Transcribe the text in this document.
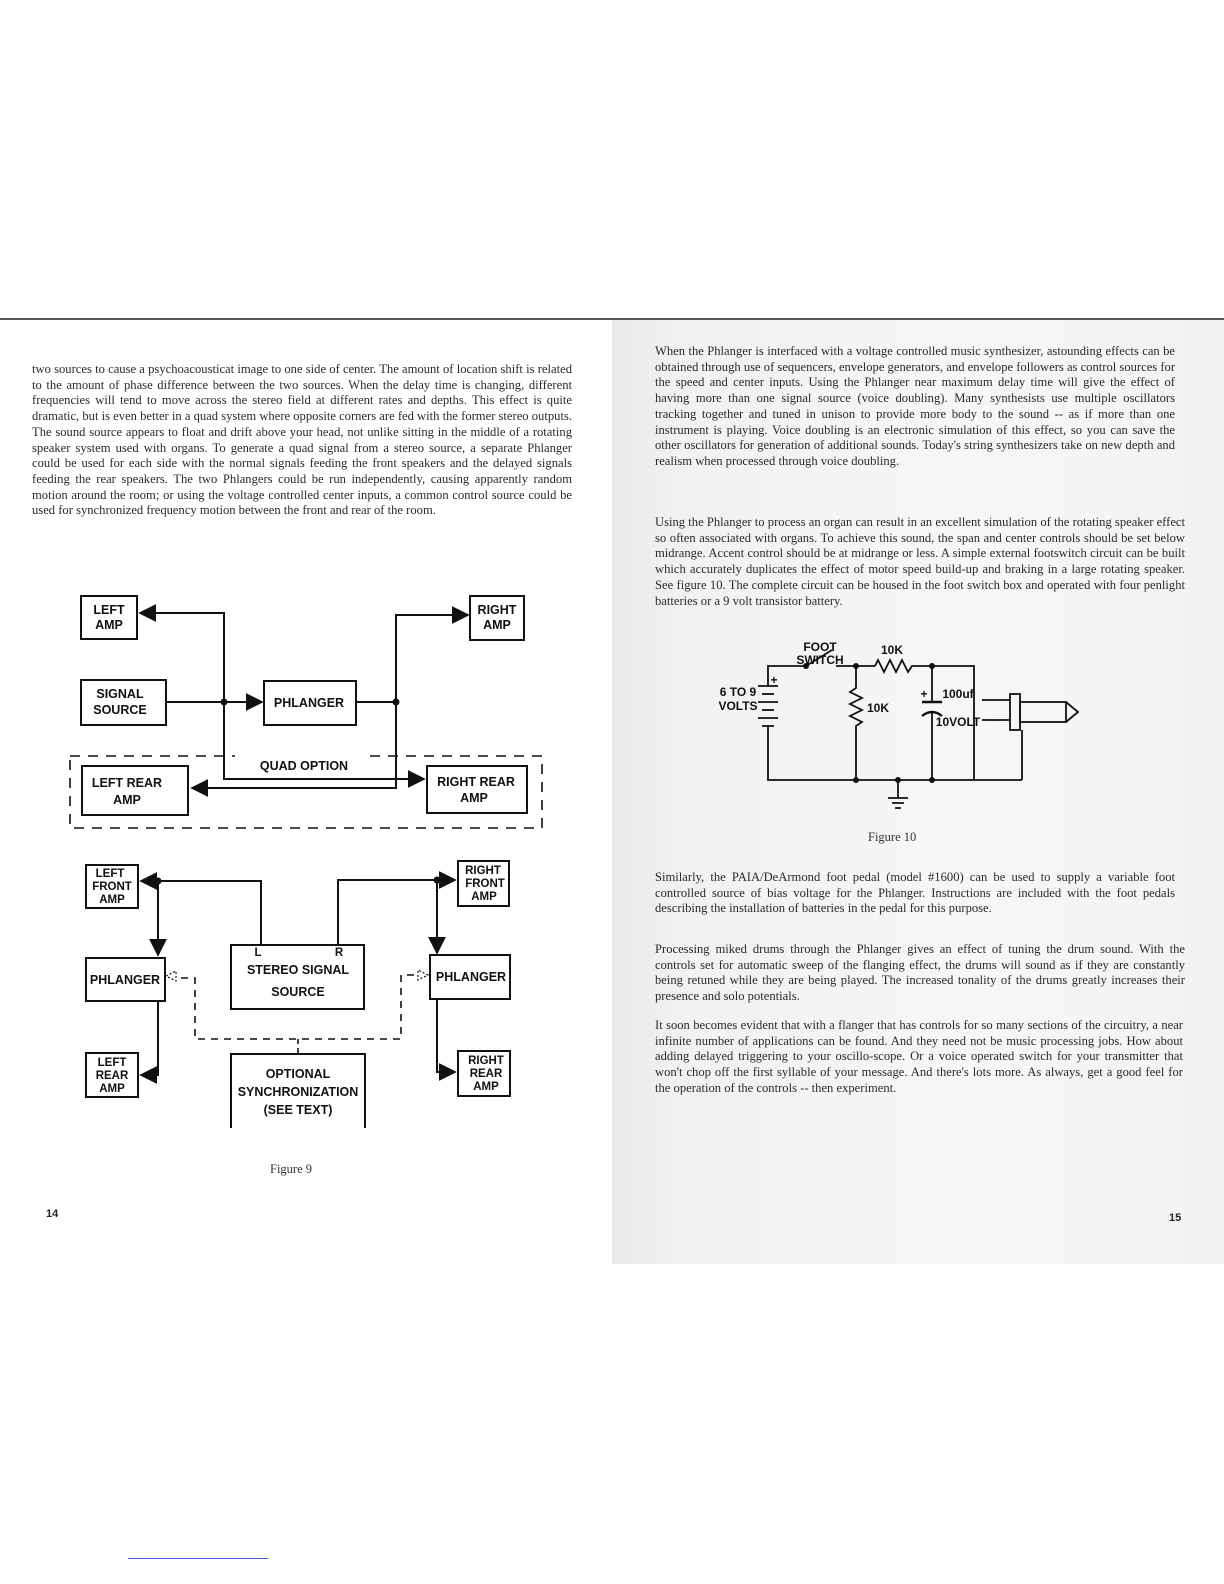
two sources to cause a psychoacousticat image to one side of center. The amount of location shift is related to the amount of phase difference between the two sources. When the delay time is changing, different frequencies will tend to move across the stereo field at different rates and depths. This effect is quite dramatic, but is even better in a quad system where opposite corners are fed with the former stereo outputs. The sound source appears to float and drift above your head, not unlike sitting in the middle of a rotating speaker system used with organs. To generate a quad signal from a stereo source, a separate Phlanger could be used for each side with the normal signals feeding the front speakers and the delayed signals feeding the rear speakers. The two Phlangers could be run independently, causing apparently random motion around the room; or using the voltage controlled center inputs, a common control source could be used for synchronized frequency motion between the front and rear of the room.

LEFT
AMP
RIGHT
AMP
SIGNAL
SOURCE	PHLANGER
QUAD OPTION
LEFT REAR
AMP
RIGHT REAR
AMP
LEFT
FRONT
AMP
RIGHT
FRONT
AMP
PHLANGER	PHLANGER
L	R
STEREO SIGNAL
SOURCE
LEFT
REAR
AMP
RIGHT
REAR
AMP
OPTIONAL
SYNCHRONIZATION
(SEE TEXT)
Figure 9
14

When the Phlanger is interfaced with a voltage controlled music synthesizer, astounding effects can be obtained through use of sequencers, envelope generators, and envelope followers as control sources for the speed and center inputs. Using the Phlanger near maximum delay time will give the effect of having more than one signal source (voice doubling). Many synthesists use multiple oscillators tracking together and tuned in unison to provide more body to the sound -- as if more than one instrument is playing. Voice doubling is an electronic simulation of this effect, so you can save the other oscillators for generation of additional sounds. Today's string synthesizers take on new depth and realism when processed through voice doubling.

Using the Phlanger to process an organ can result in an excellent simulation of the rotating speaker effect so often associated with organs. To achieve this sound, the span and center controls should be set below midrange. Accent control should be at midrange or less. A simple external footswitch circuit can be built which accurately duplicates the effect of motor speed build-up and braking in a large rotating speaker. See figure 10. The complete circuit can be housed in the foot switch box and operated with four penlight batteries or a 9 volt transistor battery.

FOOT
SWITCH
10K
10K
6 TO 9
VOLTS
+
+ 100uf
10VOLT
Figure 10

Similarly, the PAIA/DeArmond foot pedal (model #1600) can be used to supply a variable foot controlled source of bias voltage for the Phlanger. Instructions are included with the foot pedals describing the installation of batteries in the pedal for this purpose.

Processing miked drums through the Phlanger gives an effect of tuning the drum sound. With the controls set for automatic sweep of the flanging effect, the drums will sound as if they are constantly being retuned while they are being played. The increased tonality of the drums greatly increases their presence and solo potentials.

It soon becomes evident that with a flanger that has controls for so many sections of the circuitry, a near infinite number of applications can be found. And they need not be music processing jobs. How about adding delayed triggering to your oscillo-scope. Or a voice operated switch for your transmitter that won't chop off the first syllable of your message. And there's lots more. As always, get a good feel for the operation of the controls -- then experiment.

15
